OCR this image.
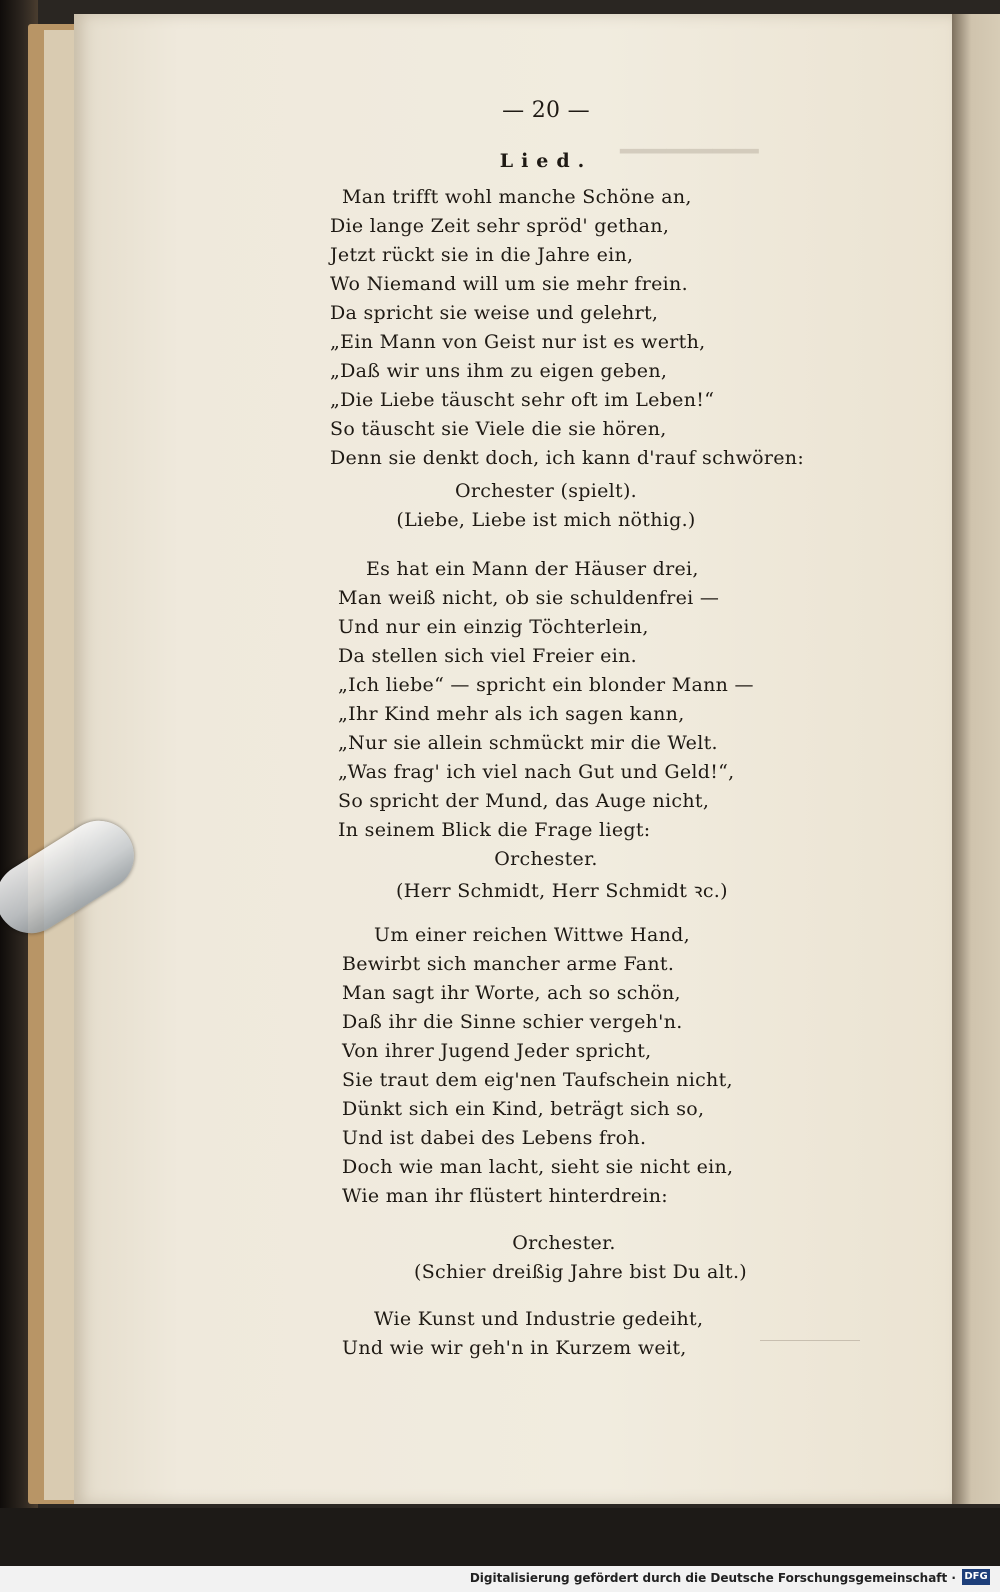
▔▔▔▔▔▔
— 20 —
Lied.
Man trifft wohl manche Schöne an,
Die lange Zeit sehr spröd' gethan,
Jetzt rückt sie in die Jahre ein,
Wo Niemand will um sie mehr frein.
Da spricht sie weise und gelehrt,
„Ein Mann von Geist nur ist es werth,
„Daß wir uns ihm zu eigen geben,
„Die Liebe täuscht sehr oft im Leben!“
So täuscht sie Viele die sie hören,
Denn sie denkt doch, ich kann d'rauf schwören:
Es hat ein Mann der Häuser drei,
Man weiß nicht, ob sie schuldenfrei —
Und nur ein einzig Töchterlein,
Da stellen sich viel Freier ein.
„Ich liebe“ — spricht ein blonder Mann —
„Ihr Kind mehr als ich sagen kann,
„Nur sie allein schmückt mir die Welt.
„Was frag' ich viel nach Gut und Geld!“,
So spricht der Mund, das Auge nicht,
In seinem Blick die Frage liegt:
Um einer reichen Wittwe Hand,
Bewirbt sich mancher arme Fant.
Man sagt ihr Worte, ach so schön,
Daß ihr die Sinne schier vergeh'n.
Von ihrer Jugend Jeder spricht,
Sie traut dem eig'nen Taufschein nicht,
Dünkt sich ein Kind, beträgt sich so,
Und ist dabei des Lebens froh.
Doch wie man lacht, sieht sie nicht ein,
Wie man ihr flüstert hinterdrein:
Wie Kunst und Industrie gedeiht,
Und wie wir geh'n in Kurzem weit,
Orchester (spielt).
(Liebe, Liebe ist mich nöthig.)
Orchester.
(Herr Schmidt, Herr Schmidt ꝛc.)
Orchester.
(Schier dreißig Jahre bist Du alt.)
Digitalisierung gefördert durch die Deutsche Forschungsgemeinschaft · DFG
